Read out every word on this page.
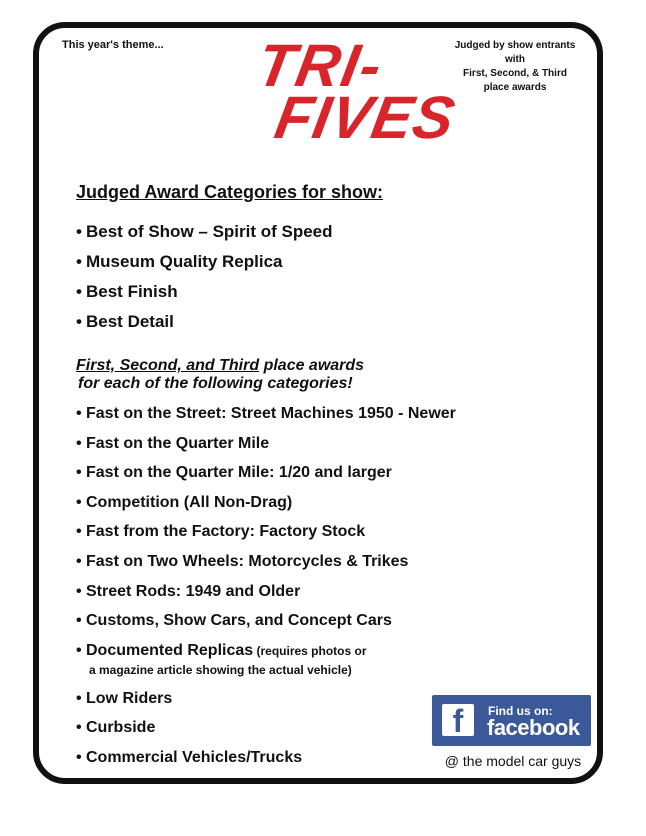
This year's theme... TRI-
FIVES
Judged by show entrants
with
First, Second, & Third
place awards
Judged Award Categories for show:
• Best of Show – Spirit of Speed
• Museum Quality Replica
• Best Finish
• Best Detail
First, Second, and Third place awards
for each of the following categories!
• Fast on the Street: Street Machines 1950 - Newer
• Fast on the Quarter Mile
• Fast on the Quarter Mile: 1/20 and larger
• Competition (All Non-Drag)
• Fast from the Factory: Factory Stock
• Fast on Two Wheels: Motorcycles & Trikes
• Street Rods: 1949 and Older
• Customs, Show Cars, and Concept Cars
• Documented Replicas (requires photos or
a magazine article showing the actual vehicle)
• Low Riders
• Curbside
• Commercial Vehicles/Trucks
f	Find us on:
facebook
@ the model car guys
